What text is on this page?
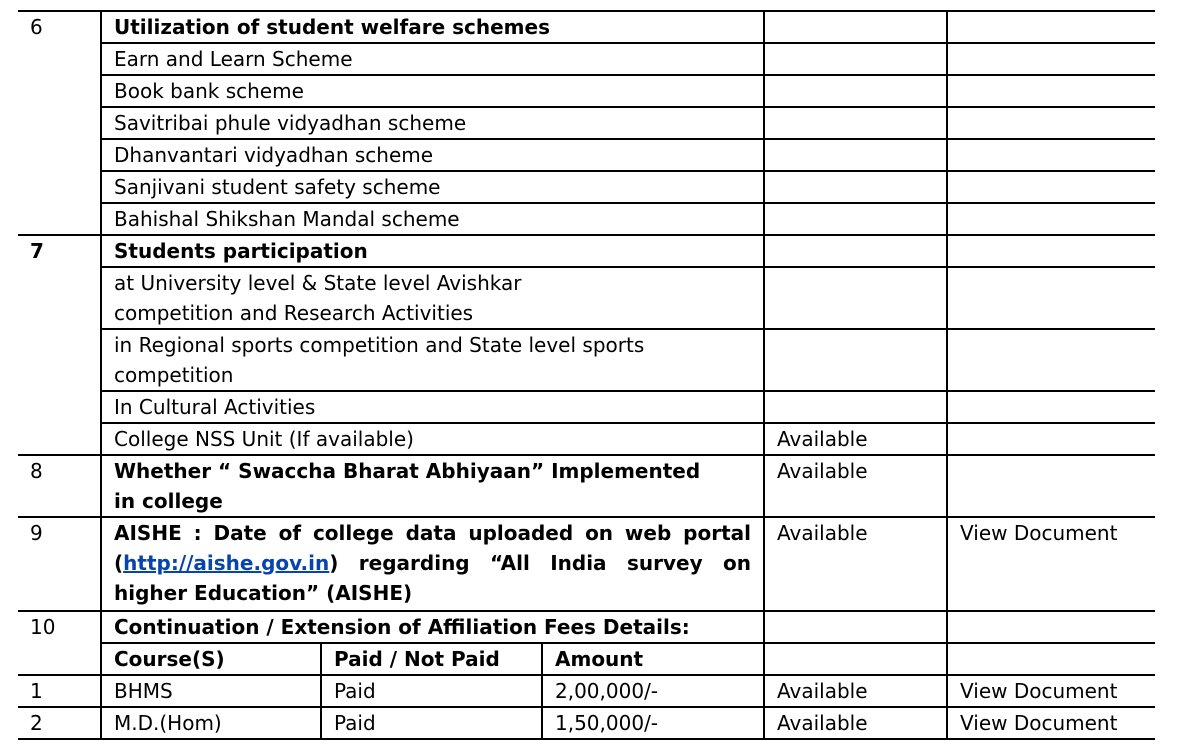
6	Utilization of student welfare schemes				
	Earn and Learn Scheme				
	Book bank scheme				
	Savitribai phule vidyadhan scheme				
	Dhanvantari vidyadhan scheme				
	Sanjivani student safety scheme				
	Bahishal Shikshan Mandal scheme				
7	Students participation				
	at University level & State level Avishkar competition and Research Activities				
	in Regional sports competition and State level sports competition				
	In Cultural Activities				
	College NSS Unit (If available)			Available	
8	Whether “ Swaccha Bharat Abhiyaan” Implemented in college			Available	
9	AISHE : Date of college data uploaded on web portal (http://aishe.gov.in) regarding “All India survey on higher Education” (AISHE)			Available	View Document
10	Continuation / Extension of Affiliation Fees Details:				
	Course(S)	Paid / Not Paid	Amount		
1	BHMS	Paid	2,00,000/-	Available	View Document
2	M.D.(Hom)	Paid	1,50,000/-	Available	View Document
